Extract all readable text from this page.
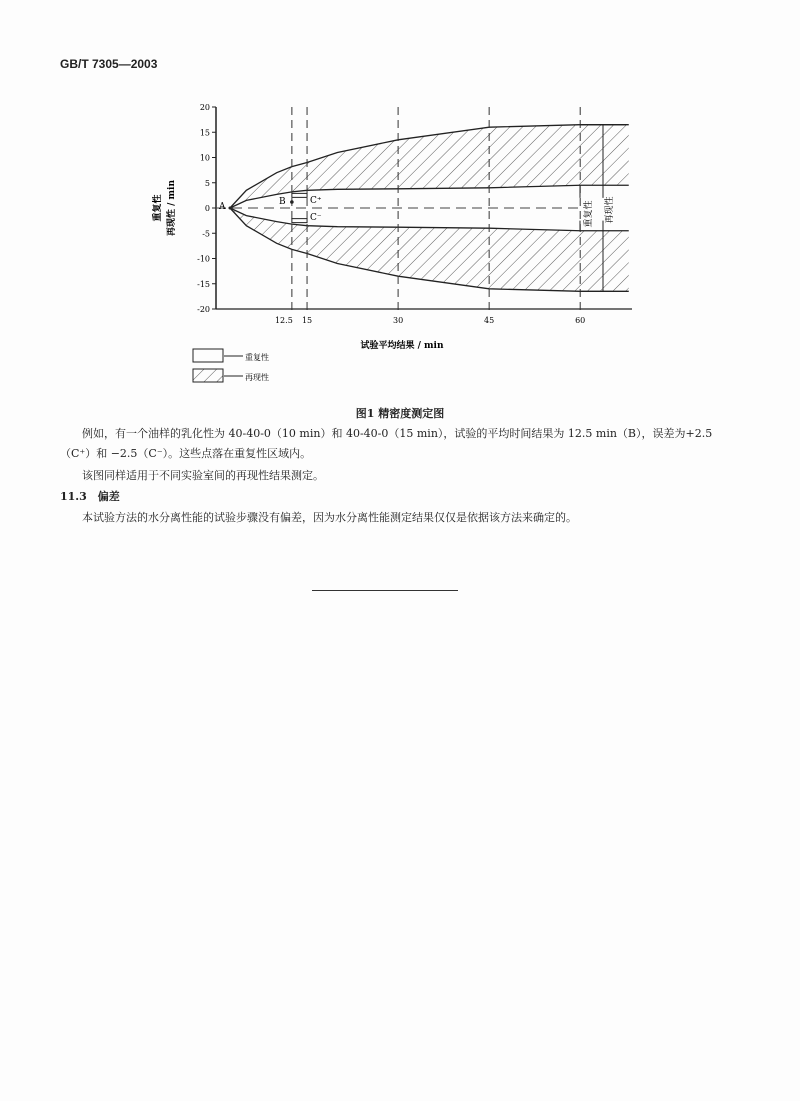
GB/T 7305—2003
20
15
10
5
0
-5
-10
-15
-20
12.5 15	30	45	60
重复性 再现性 / min
试验平均结果 / min
重复性 再现性
A	B	C⁺
C⁻
重复性
再现性
图1 精密度测定图
例如，有一个油样的乳化性为 40-40-0（10 min）和 40-40-0（15 min），试验的平均时间结果为 12.5 min（B），误差为+2.5（C⁺）和 −2.5（C⁻）。这些点落在重复性区域内。
该图同样适用于不同实验室间的再现性结果测定。
11.3　偏差
本试验方法的水分离性能的试验步骤没有偏差，因为水分离性能测定结果仅仅是依据该方法来确定的。
